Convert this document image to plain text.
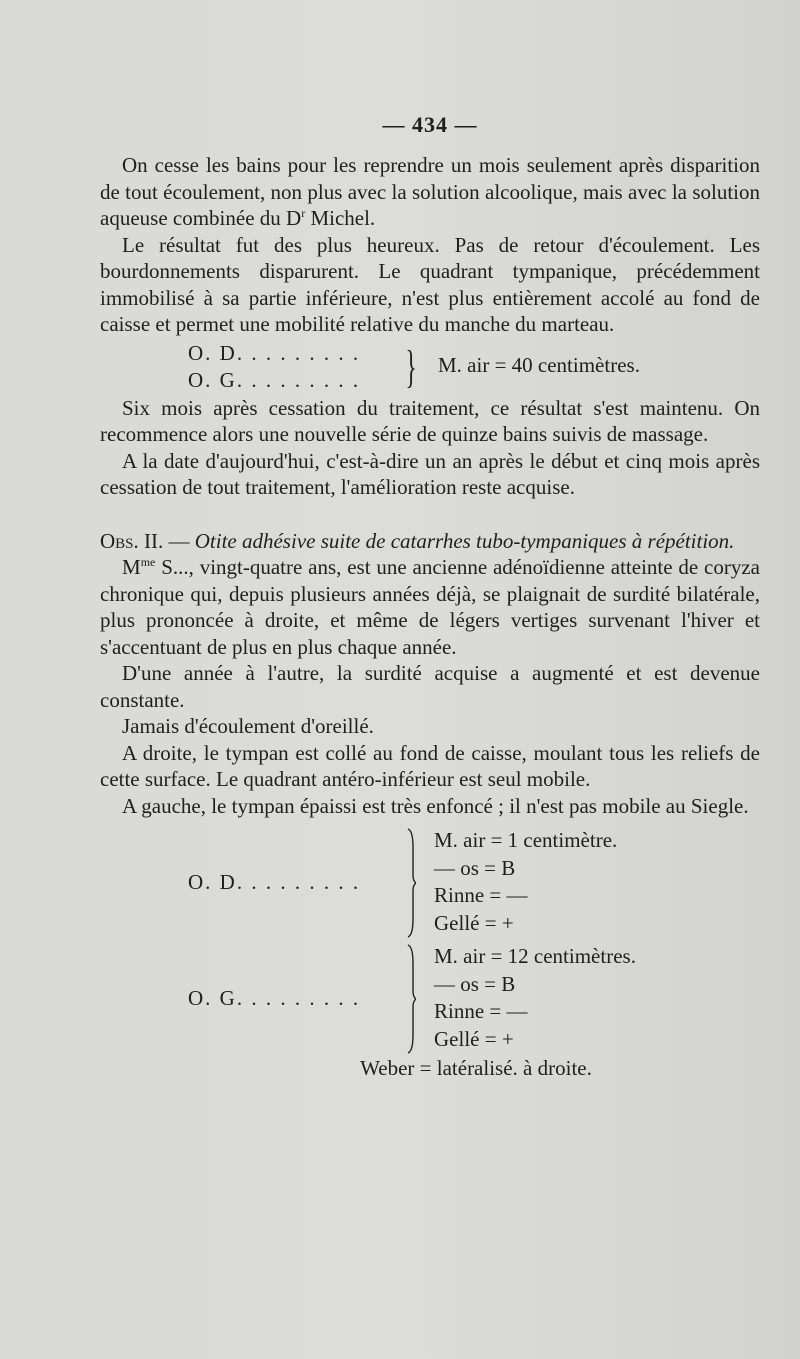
— 434 —

On cesse les bains pour les reprendre un mois seulement après disparition de tout écoulement, non plus avec la solution alcoolique, mais avec la solution aqueuse combinée du $D^r$ Michel.

Le résultat fut des plus heureux. Pas de retour d'écoulement. Les bourdonnements disparurent. Le quadrant tympanique, précédemment immobilisé à sa partie inférieure, n'est plus entièrement accolé au fond de caisse et permet une mobilité relative du manche du marteau.

O. D. . . . . . . . .
O. G. . . . . . . . . } M. air = 40 centimètres.

Six mois après cessation du traitement, ce résultat s'est maintenu. On recommence alors une nouvelle série de quinze bains suivis de massage.

A la date d'aujourd'hui, c'est-à-dire un an après le début et cinq mois après cessation de tout traitement, l'amélioration reste acquise.

Obs. II. — Otite adhésive suite de catarrhes tubo-tympaniques à répétition.

$M^{me}$ S..., vingt-quatre ans, est une ancienne adénoïdienne atteinte de coryza chronique qui, depuis plusieurs années déjà, se plaignait de surdité bilatérale, plus prononcée à droite, et même de légers vertiges survenant l'hiver et s'accentuant de plus en plus chaque année.

D'une année à l'autre, la surdité acquise a augmenté et est devenue constante.

Jamais d'écoulement d'oreillé.

A droite, le tympan est collé au fond de caisse, moulant tous les reliefs de cette surface. Le quadrant antéro-inférieur est seul mobile.

A gauche, le tympan épaissi est très enfoncé ; il n'est pas mobile au Siegle.

O. D. . . . . . . . .
M. air = 1 centimètre.
— os = B
Rinne = —
Gellé = +
O. G. . . . . . . . .
M. air = 12 centimètres.
— os = B
Rinne = —
Gellé = +

Weber = latéralisé. à droite.
